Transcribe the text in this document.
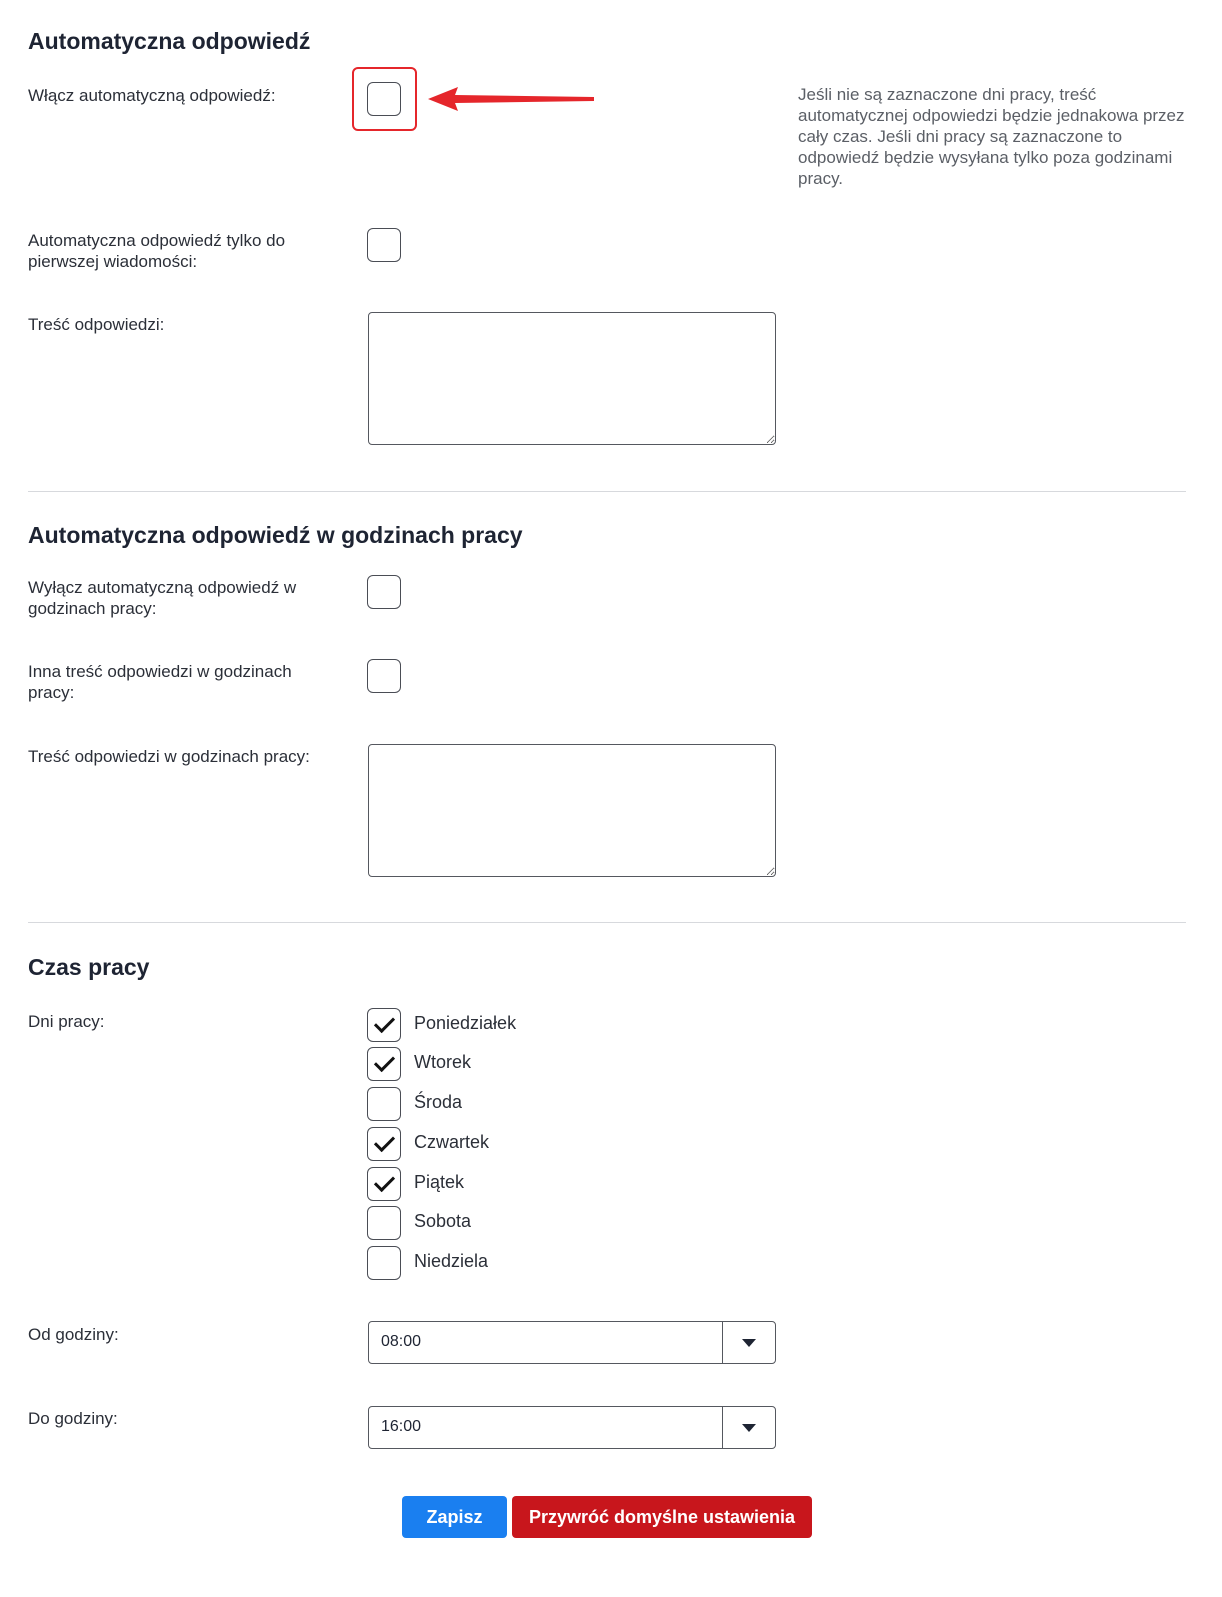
Automatyczna odpowiedź
Włącz automatyczną odpowiedź:	Jeśli nie są zaznaczone dni pracy, treść automatycznej odpowiedzi będzie jednakowa przez cały czas. Jeśli dni pracy są zaznaczone to odpowiedź będzie wysyłana tylko poza godzinami pracy.
Automatyczna odpowiedź tylko do pierwszej wiadomości:
Treść odpowiedzi:
Automatyczna odpowiedź w godzinach pracy
Wyłącz automatyczną odpowiedź w godzinach pracy:
Inna treść odpowiedzi w godzinach pracy:
Treść odpowiedzi w godzinach pracy:
Czas pracy
Dni pracy:	Poniedziałek
Wtorek
Środa
Czwartek
Piątek
Sobota
Niedziela
Od godziny:	08:00
Do godziny:	16:00
Zapisz	Przywróć domyślne ustawienia
